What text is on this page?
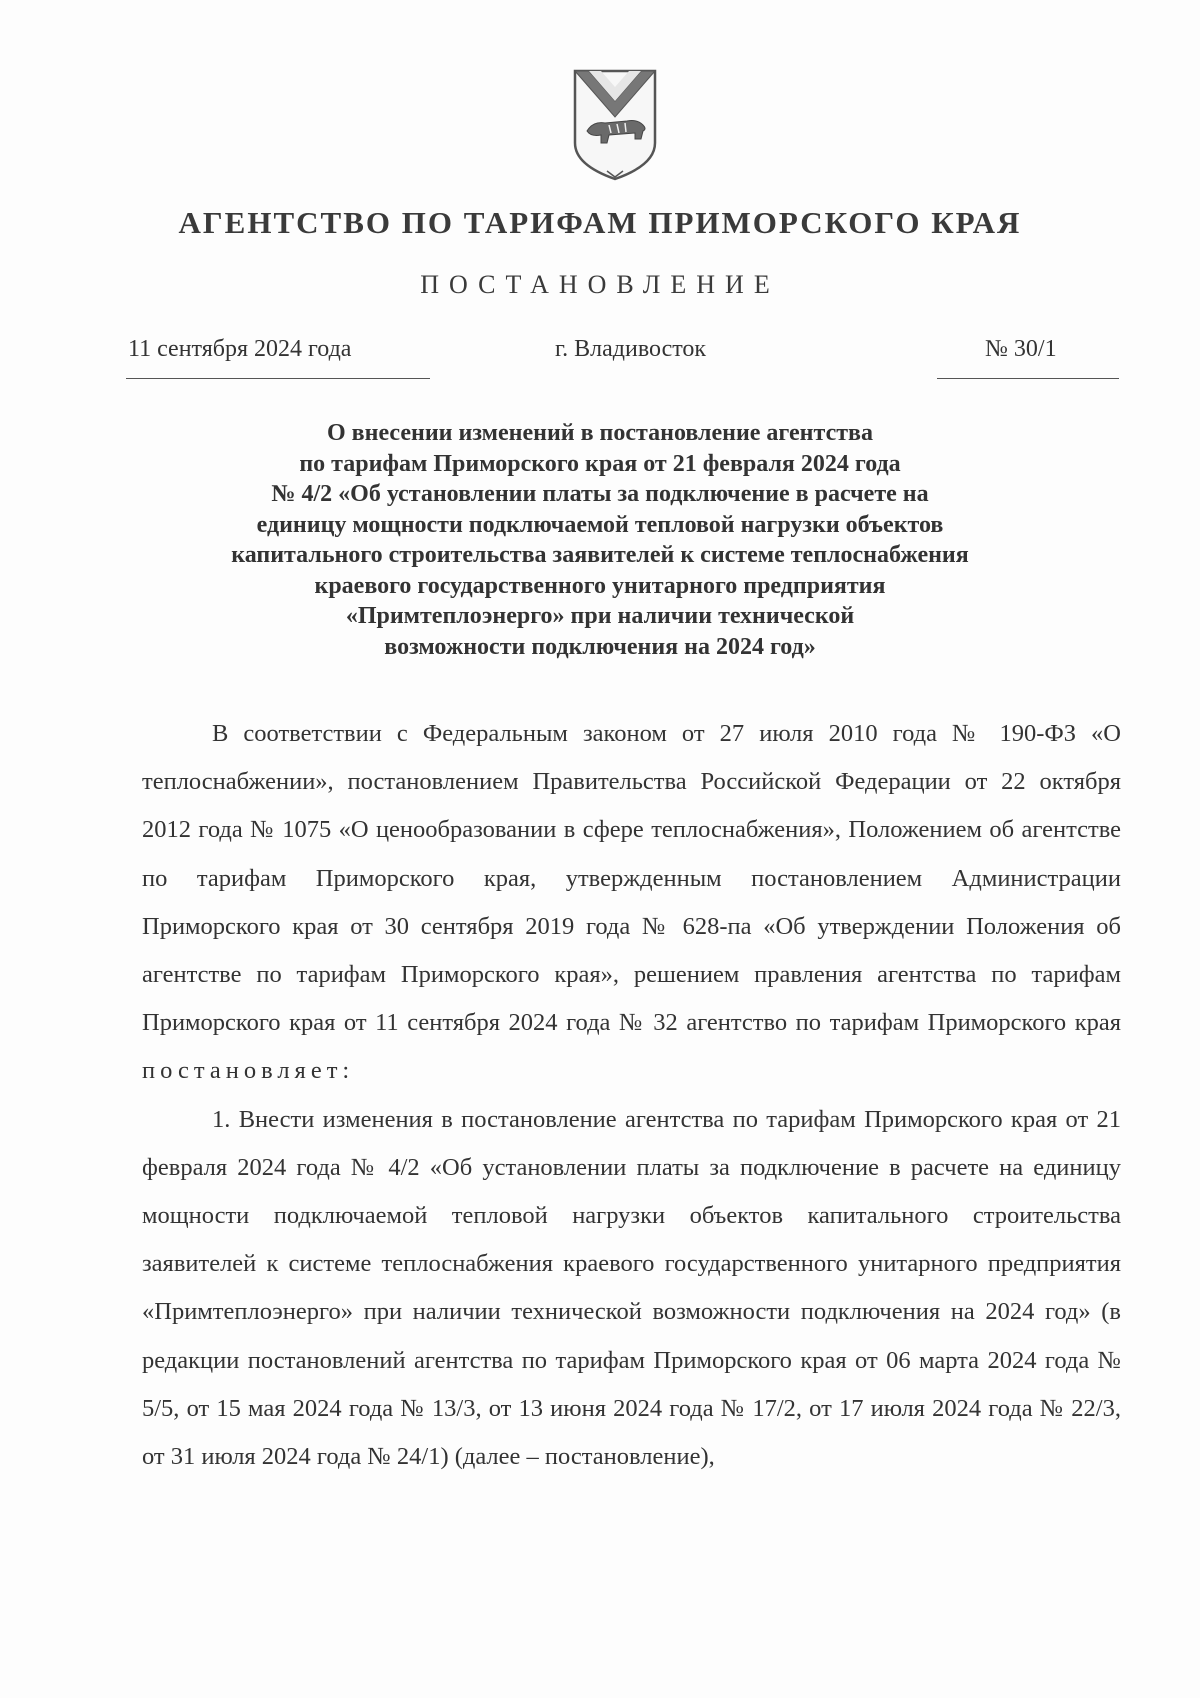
АГЕНТСТВО ПО ТАРИФАМ ПРИМОРСКОГО КРАЯ
ПОСТАНОВЛЕНИЕ
11 сентября 2024 года	г. Владивосток	№ 30/1
О внесении изменений в постановление агентства
по тарифам Приморского края от 21 февраля 2024 года
№ 4/2 «Об установлении платы за подключение в расчете на
единицу мощности подключаемой тепловой нагрузки объектов
капитального строительства заявителей к системе теплоснабжения
краевого государственного унитарного предприятия
«Примтеплоэнерго» при наличии технической
возможности подключения на 2024 год»

В соответствии с Федеральным законом от 27 июля 2010 года № 190-ФЗ «О теплоснабжении», постановлением Правительства Российской Федерации от 22 октября 2012 года № 1075 «О ценообразовании в сфере теплоснабжения», Положением об агентстве по тарифам Приморского края, утвержденным постановлением Администрации Приморского края от 30 сентября 2019 года № 628-па «Об утверждении Положения об агентстве по тарифам Приморского края», решением правления агентства по тарифам Приморского края от 11 сентября 2024 года № 32 агентство по тарифам Приморского края постановляет:

1. Внести изменения в постановление агентства по тарифам Приморского края от 21 февраля 2024 года № 4/2 «Об установлении платы за подключение в расчете на единицу мощности подключаемой тепловой нагрузки объектов капитального строительства заявителей к системе теплоснабжения краевого государственного унитарного предприятия «Примтеплоэнерго» при наличии технической возможности подключения на 2024 год» (в редакции постановлений агентства по тарифам Приморского края от 06 марта 2024 года № 5/5, от 15 мая 2024 года № 13/3, от 13 июня 2024 года № 17/2, от 17 июля 2024 года № 22/3, от 31 июля 2024 года № 24/1) (далее – постановление),
